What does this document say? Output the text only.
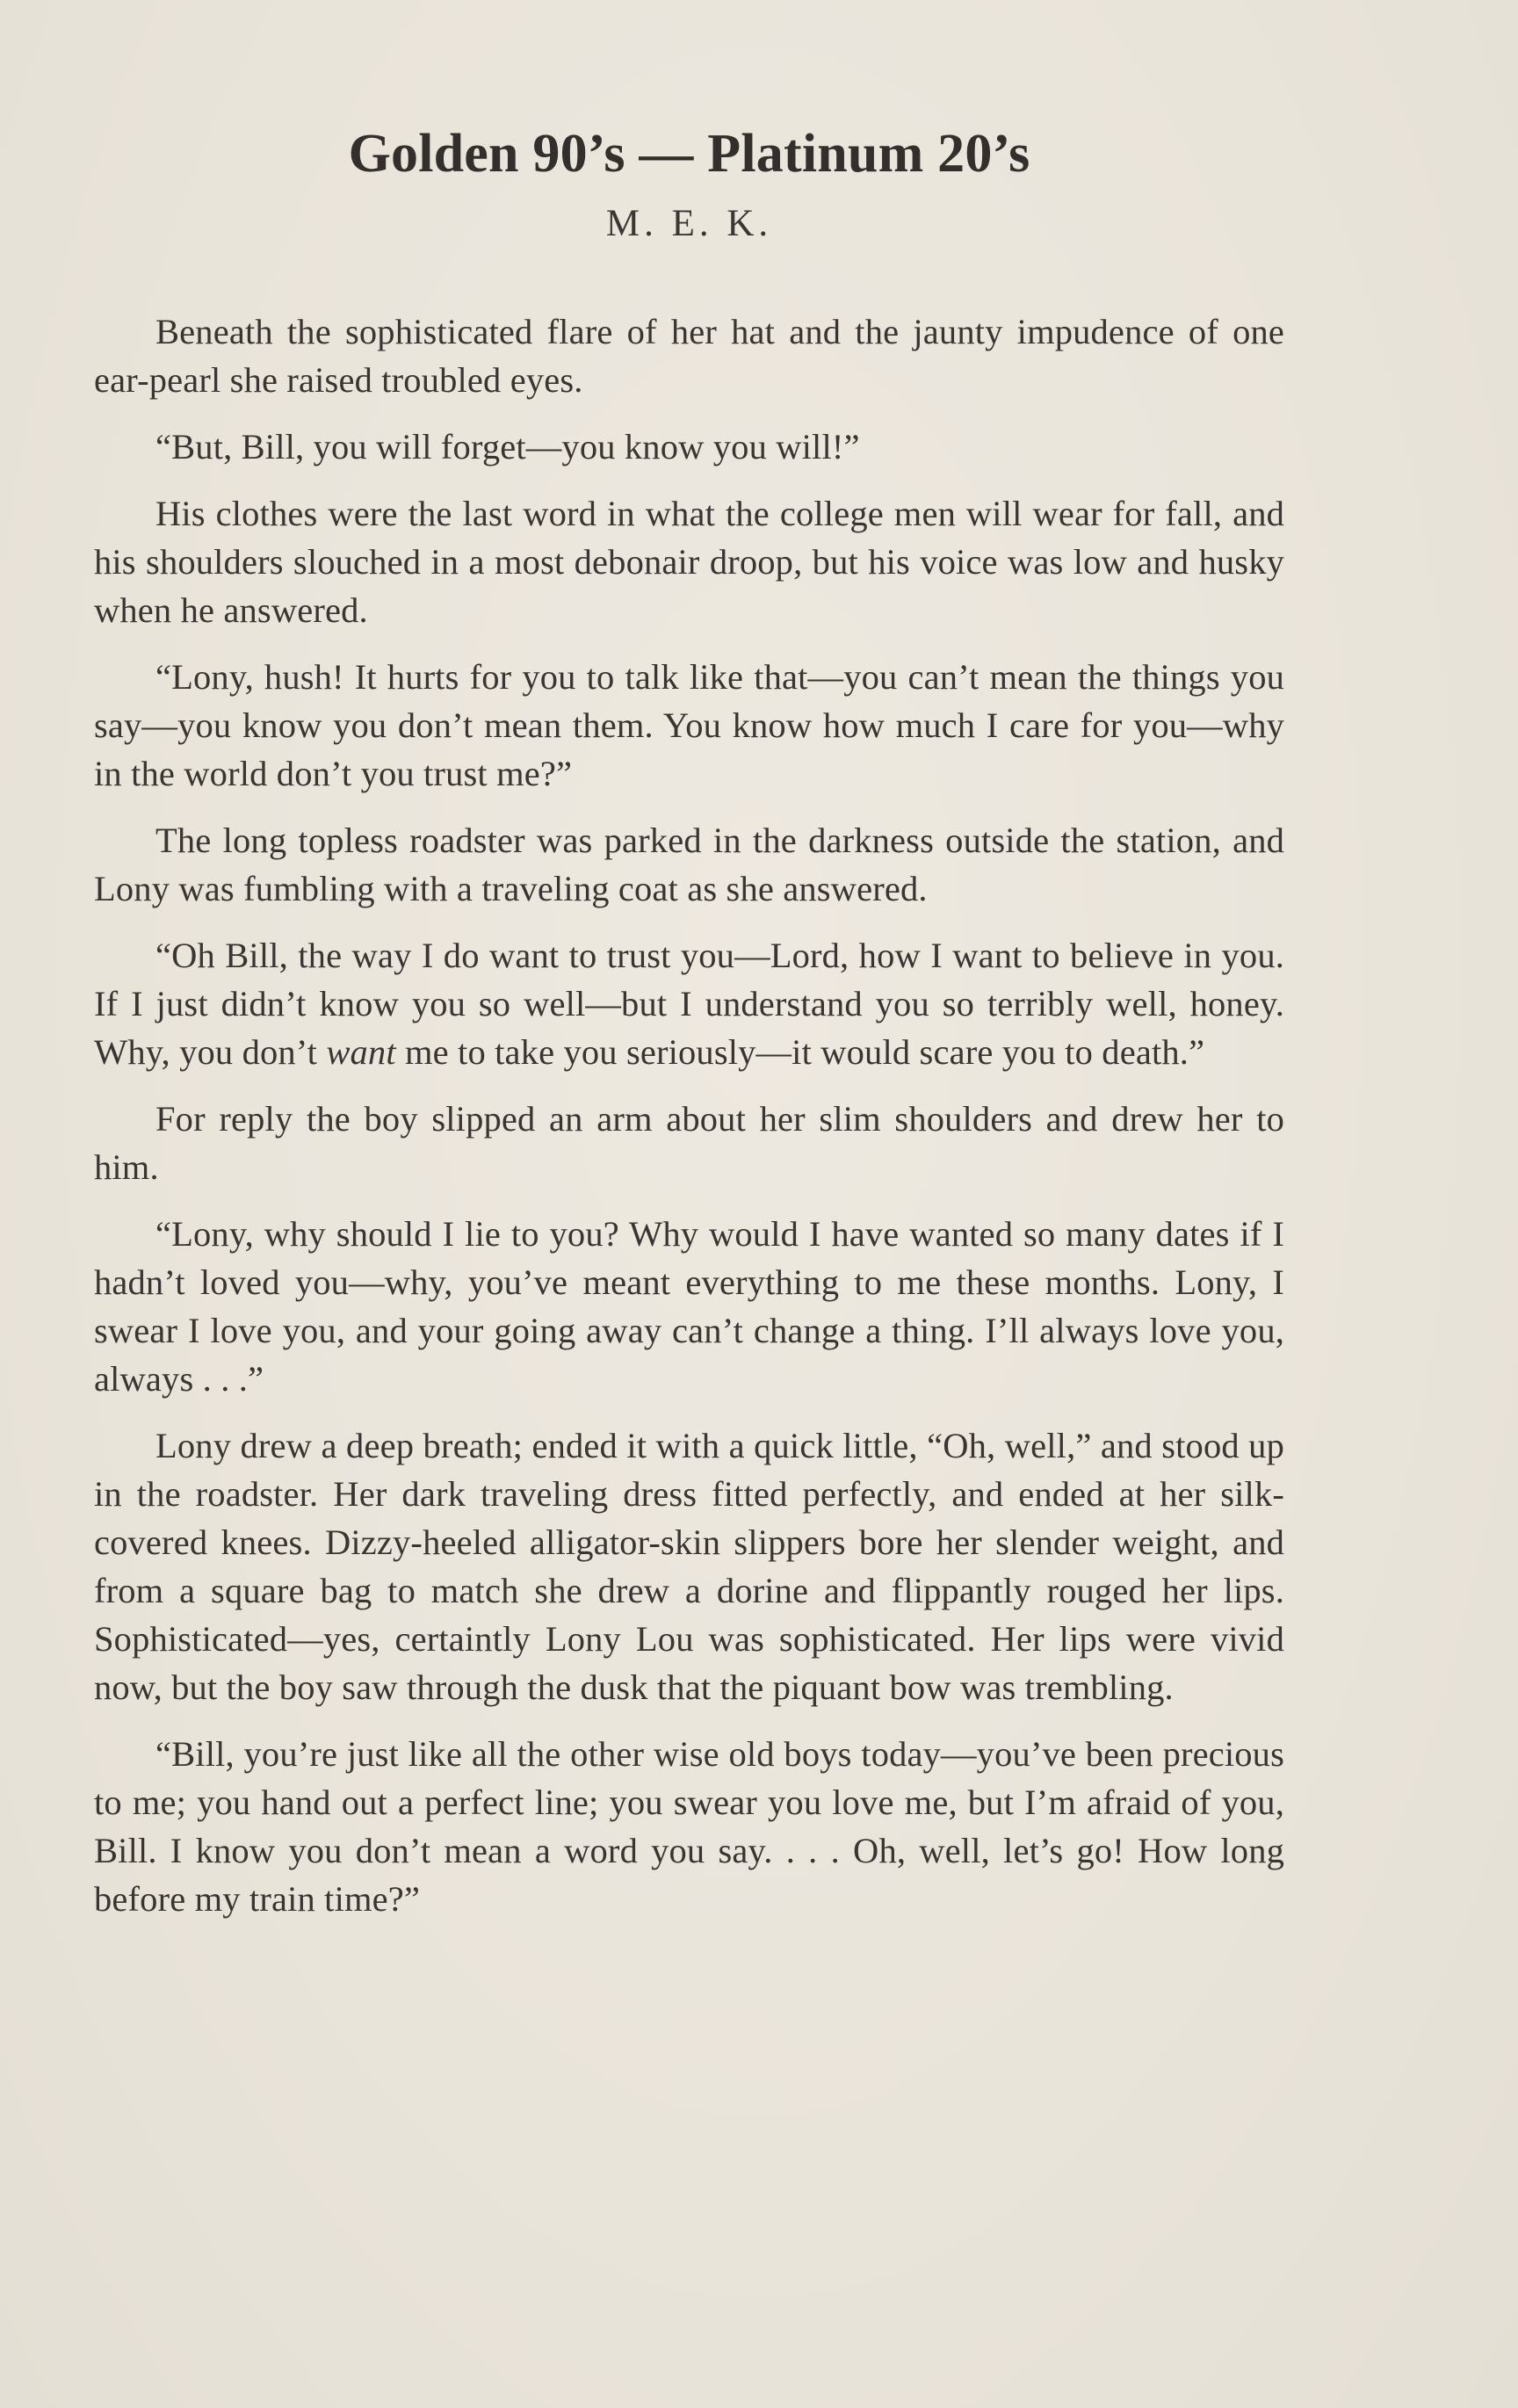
Golden 90’s — Platinum 20’s
M. E. K.

Beneath the sophisticated flare of her hat and the jaunty impudence of one ear-pearl she raised troubled eyes.

“But, Bill, you will forget—you know you will!”

His clothes were the last word in what the college men will wear for fall, and his shoulders slouched in a most debonair droop, but his voice was low and husky when he answered.

“Lony, hush! It hurts for you to talk like that—you can’t mean the things you say—you know you don’t mean them. You know how much I care for you—why in the world don’t you trust me?”

The long topless roadster was parked in the darkness outside the station, and Lony was fumbling with a traveling coat as she answered.

“Oh Bill, the way I do want to trust you—Lord, how I want to believe in you. If I just didn’t know you so well—but I understand you so terribly well, honey. Why, you don’t want me to take you seriously—it would scare you to death.”

For reply the boy slipped an arm about her slim shoulders and drew her to him.

“Lony, why should I lie to you? Why would I have wanted so many dates if I hadn’t loved you—why, you’ve meant everything to me these months. Lony, I swear I love you, and your going away can’t change a thing. I’ll always love you, always . . .”

Lony drew a deep breath; ended it with a quick little, “Oh, well,” and stood up in the roadster. Her dark traveling dress fitted perfectly, and ended at her silk-covered knees. Dizzy-heeled alligator-skin slippers bore her slender weight, and from a square bag to match she drew a dorine and flippantly rouged her lips. Sophisticated—yes, certaintly Lony Lou was sophisticated. Her lips were vivid now, but the boy saw through the dusk that the piquant bow was trembling.

“Bill, you’re just like all the other wise old boys today—you’ve been precious to me; you hand out a perfect line; you swear you love me, but I’m afraid of you, Bill. I know you don’t mean a word you say. . . . Oh, well, let’s go! How long before my train time?”
